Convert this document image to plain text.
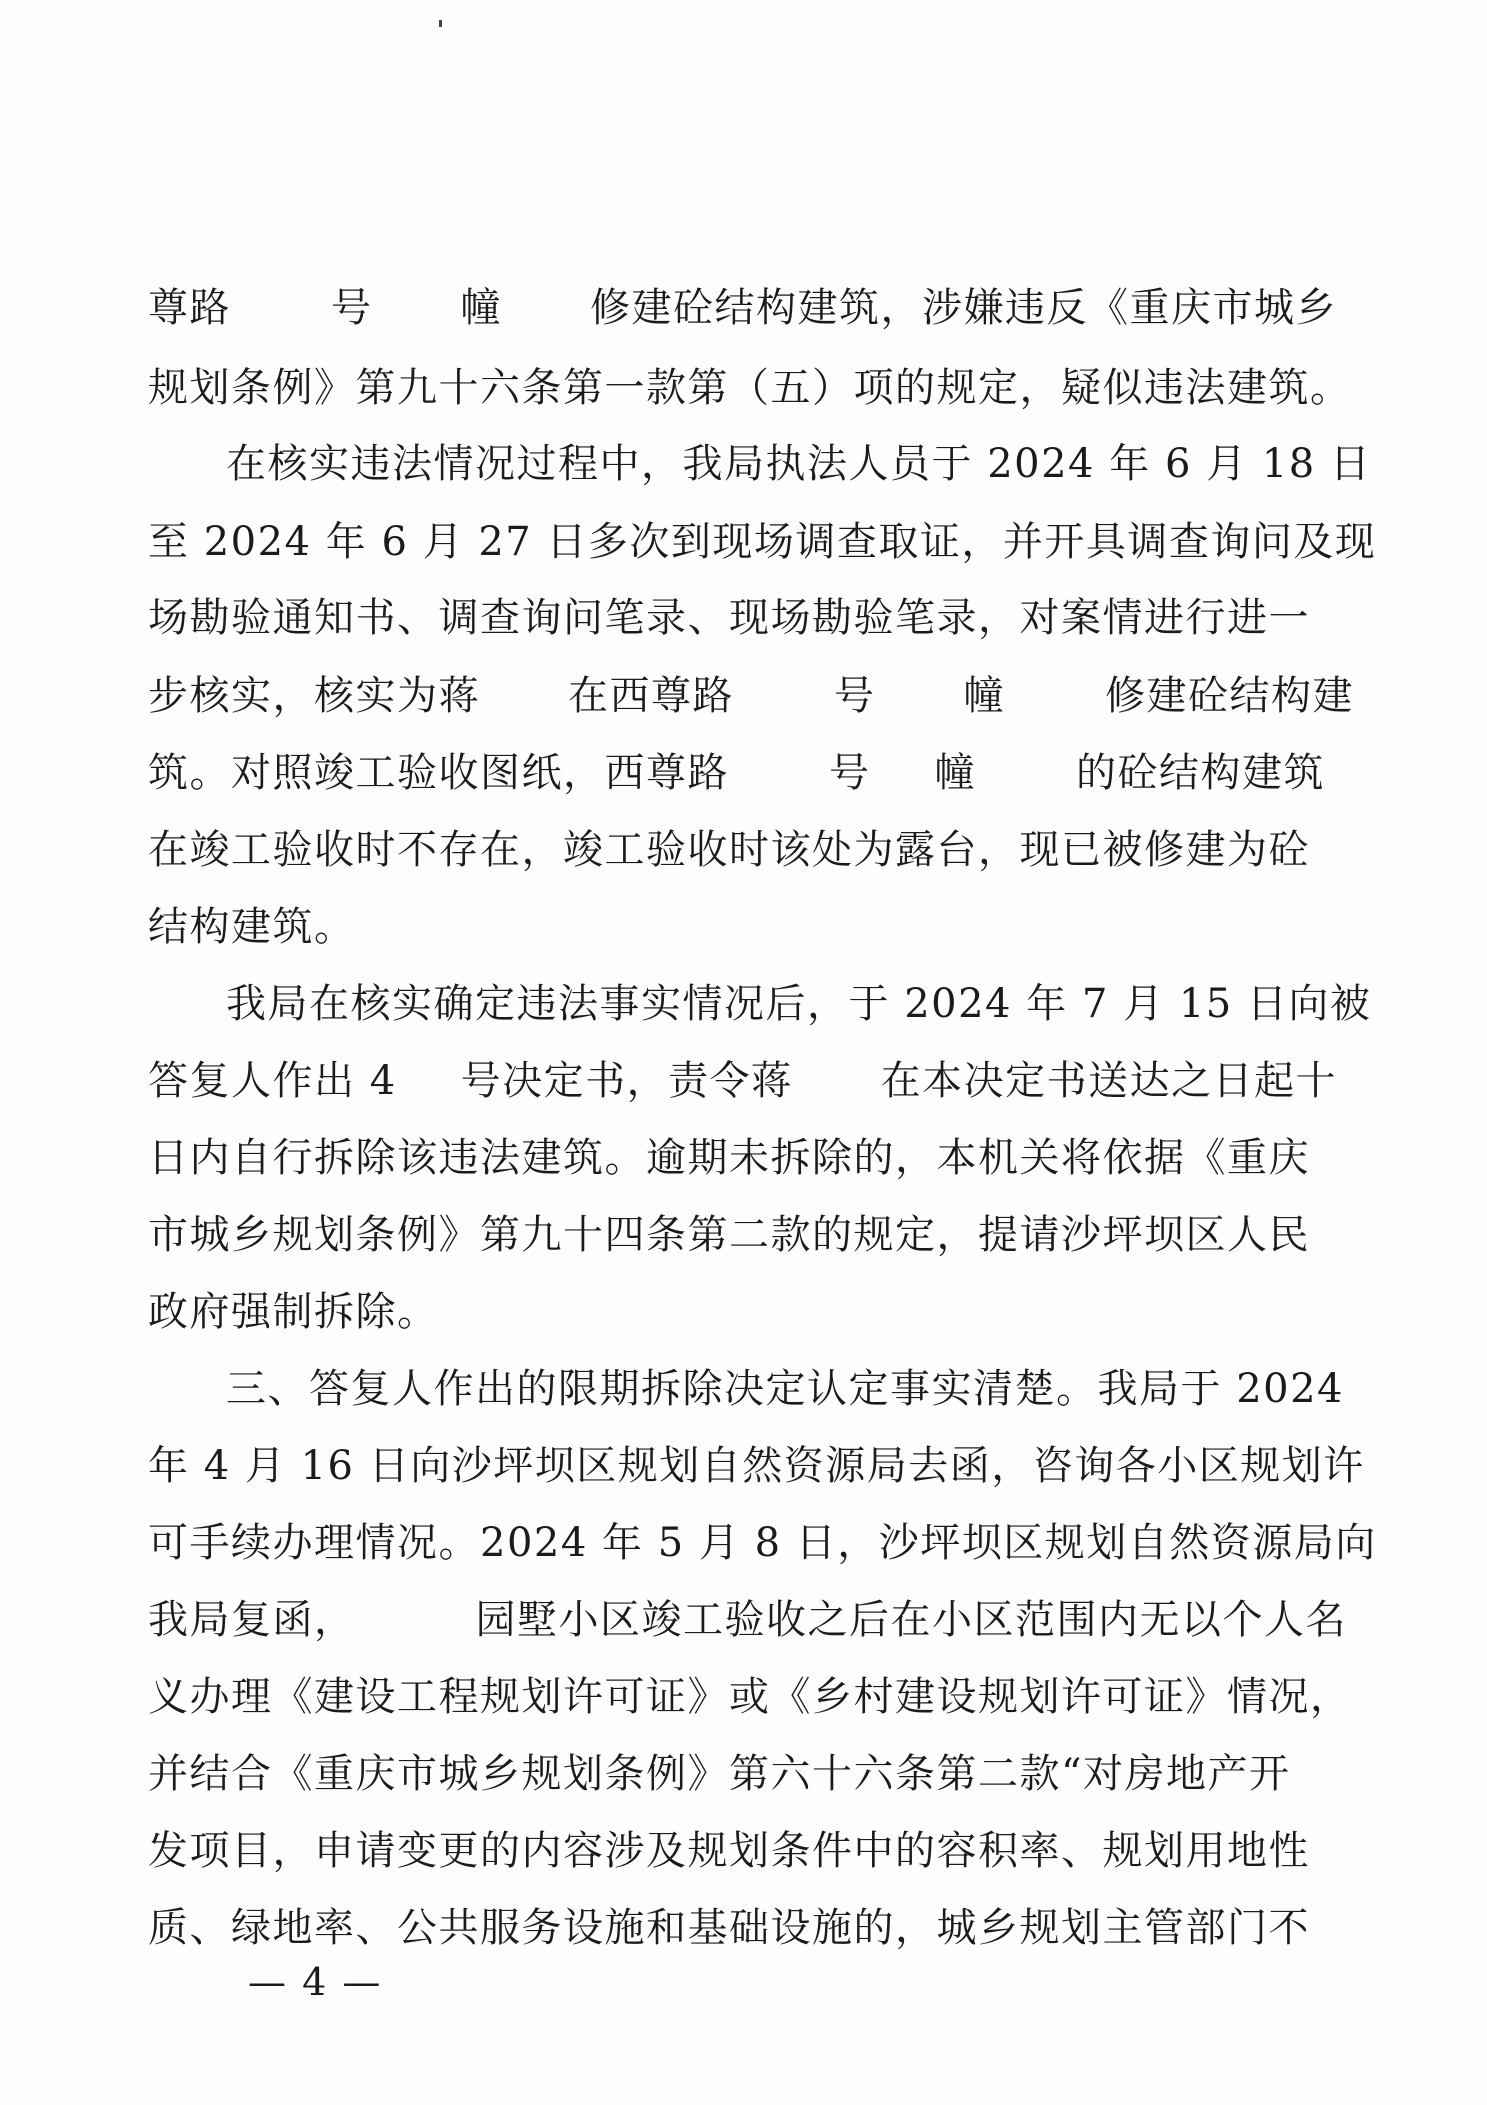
尊路	号 幢 修建砼结构建筑，涉嫌违反《重庆市城乡
规划条例》第九十六条第一款第（五）项的规定，疑似违法建筑。
在核实违法情况过程中，我局执法人员于 2024 年 6 月 18 日
至 2024 年 6 月 27 日多次到现场调查取证，并开具调查询问及现
场勘验通知书、调查询问笔录、现场勘验笔录，对案情进行进一
步核实，核实为蒋 在西尊路	号 幢	修建砼结构建
筑。对照竣工验收图纸，西尊路	号 幢	的砼结构建筑
在竣工验收时不存在，竣工验收时该处为露台，现已被修建为砼
结构建筑。
我局在核实确定违法事实情况后，于 2024 年 7 月 15 日向被
答复人作出 4 号决定书，责令蒋 在本决定书送达之日起十
日内自行拆除该违法建筑。逾期未拆除的，本机关将依据《重庆
市城乡规划条例》第九十四条第二款的规定，提请沙坪坝区人民
政府强制拆除。
三、答复人作出的限期拆除决定认定事实清楚。我局于 2024
年 4 月 16 日向沙坪坝区规划自然资源局去函，咨询各小区规划许
可手续办理情况。2024 年 5 月 8 日，沙坪坝区规划自然资源局向
我局复函，	园墅小区竣工验收之后在小区范围内无以个人名
义办理《建设工程规划许可证》或《乡村建设规划许可证》情况，
并结合《重庆市城乡规划条例》第六十六条第二款“对房地产开
发项目，申请变更的内容涉及规划条件中的容积率、规划用地性
质、绿地率、公共服务设施和基础设施的，城乡规划主管部门不
— 4 —
